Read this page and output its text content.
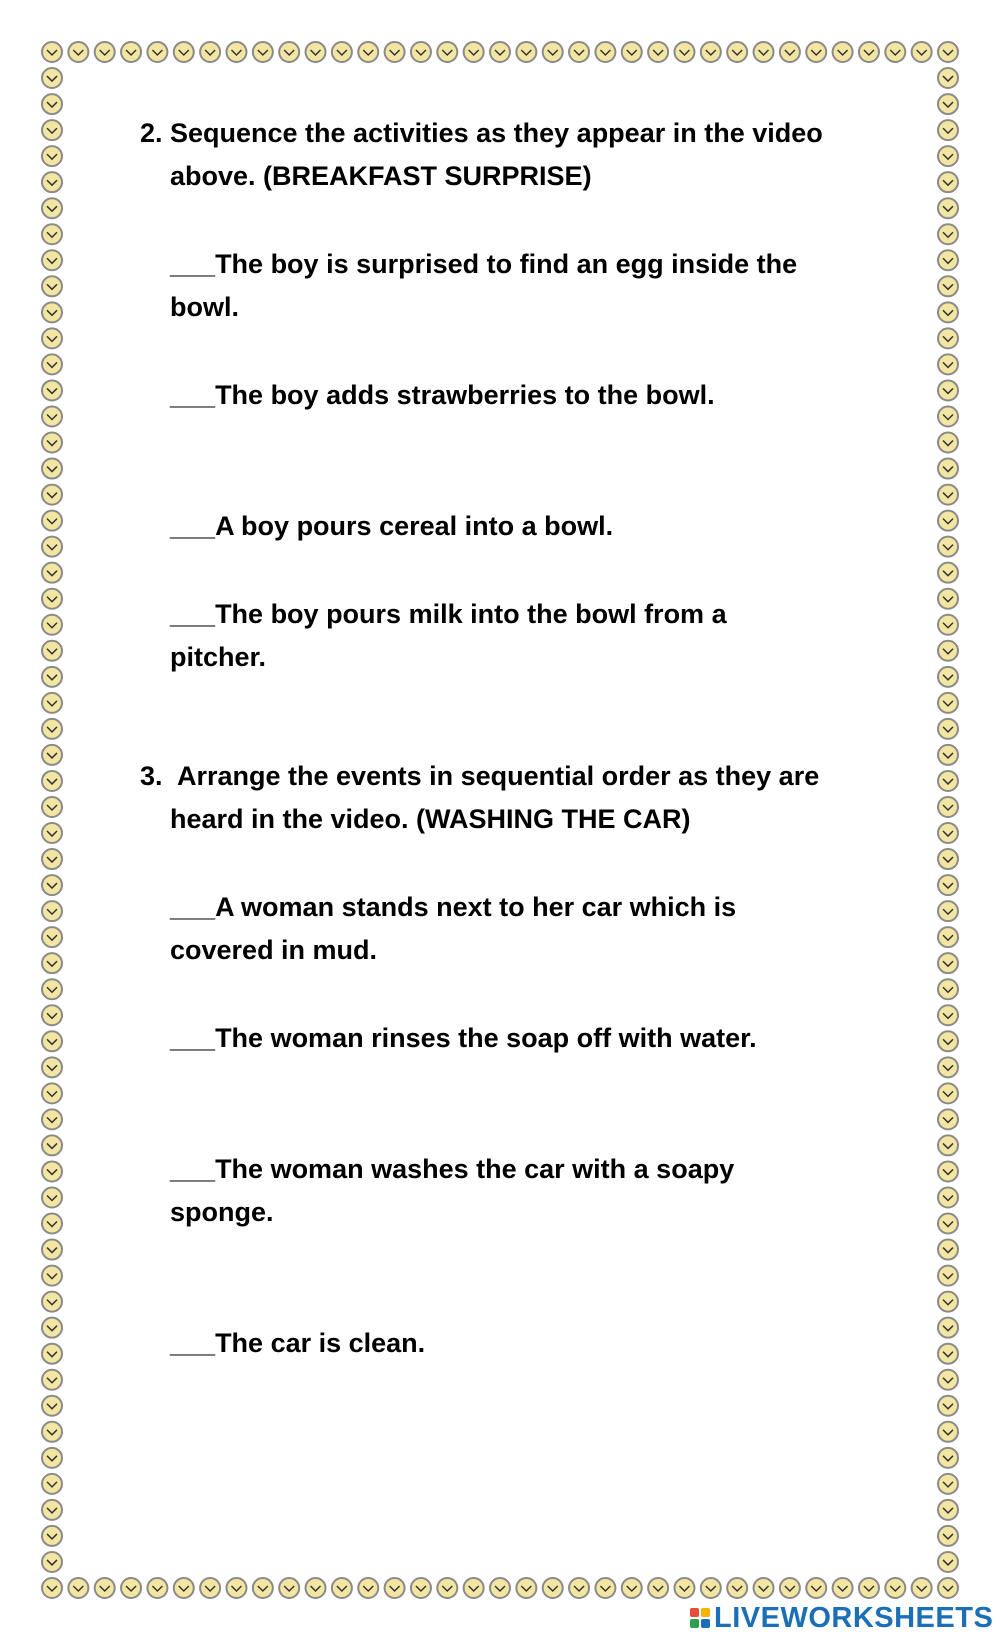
2. Sequence the activities as they appear in the video
above. (BREAKFAST SURPRISE)
___The boy is surprised to find an egg inside the
bowl.
___The boy adds strawberries to the bowl.
___A boy pours cereal into a bowl.
___The boy pours milk into the bowl from a
pitcher.
3. Arrange the events in sequential order as they are
heard in the video. (WASHING THE CAR)
___A woman stands next to her car which is
covered in mud.
___The woman rinses the soap off with water.
___The woman washes the car with a soapy
sponge.
___The car is clean.
LIVEWORKSHEETS
